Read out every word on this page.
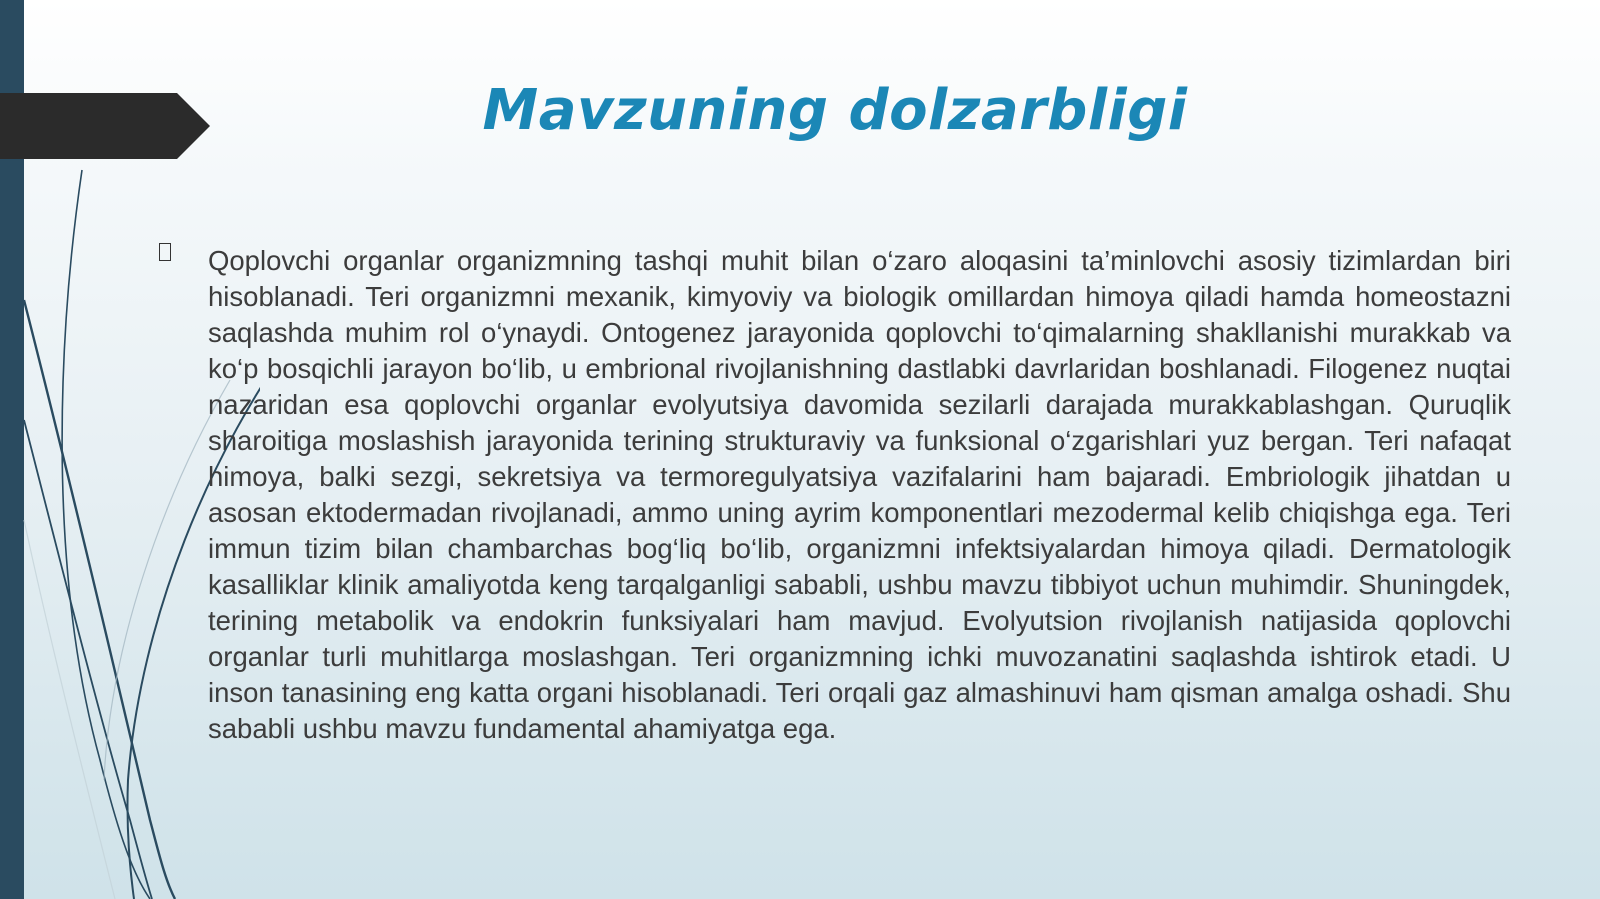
Mavzuning dolzarbligi

Qoplovchi organlar organizmning tashqi muhit bilan o‘zaro aloqasini ta’minlovchi asosiy tizimlardan biri hisoblanadi. Teri organizmni mexanik, kimyoviy va biologik omillardan himoya qiladi hamda homeostazni saqlashda muhim rol o‘ynaydi. Ontogenez jarayonida qoplovchi to‘qimalarning shakllanishi murakkab va ko‘p bosqichli jarayon bo‘lib, u embrional rivojlanishning dastlabki davrlaridan boshlanadi. Filogenez nuqtai nazaridan esa qoplovchi organlar evolyutsiya davomida sezilarli darajada murakkablashgan. Quruqlik sharoitiga moslashish jarayonida terining strukturaviy va funksional o‘zgarishlari yuz bergan. Teri nafaqat himoya, balki sezgi, sekretsiya va termoregulyatsiya vazifalarini ham bajaradi. Embriologik jihatdan u asosan ektodermadan rivojlanadi, ammo uning ayrim komponentlari mezodermal kelib chiqishga ega. Teri immun tizim bilan chambarchas bog‘liq bo‘lib, organizmni infektsiyalardan himoya qiladi. Dermatologik kasalliklar klinik amaliyotda keng tarqalganligi sababli, ushbu mavzu tibbiyot uchun muhimdir. Shuningdek, terining metabolik va endokrin funksiyalari ham mavjud. Evolyutsion rivojlanish natijasida qoplovchi organlar turli muhitlarga moslashgan. Teri organizmning ichki muvozanatini saqlashda ishtirok etadi. U inson tanasining eng katta organi hisoblanadi. Teri orqali gaz almashinuvi ham qisman amalga oshadi. Shu sababli ushbu mavzu fundamental ahamiyatga ega.
